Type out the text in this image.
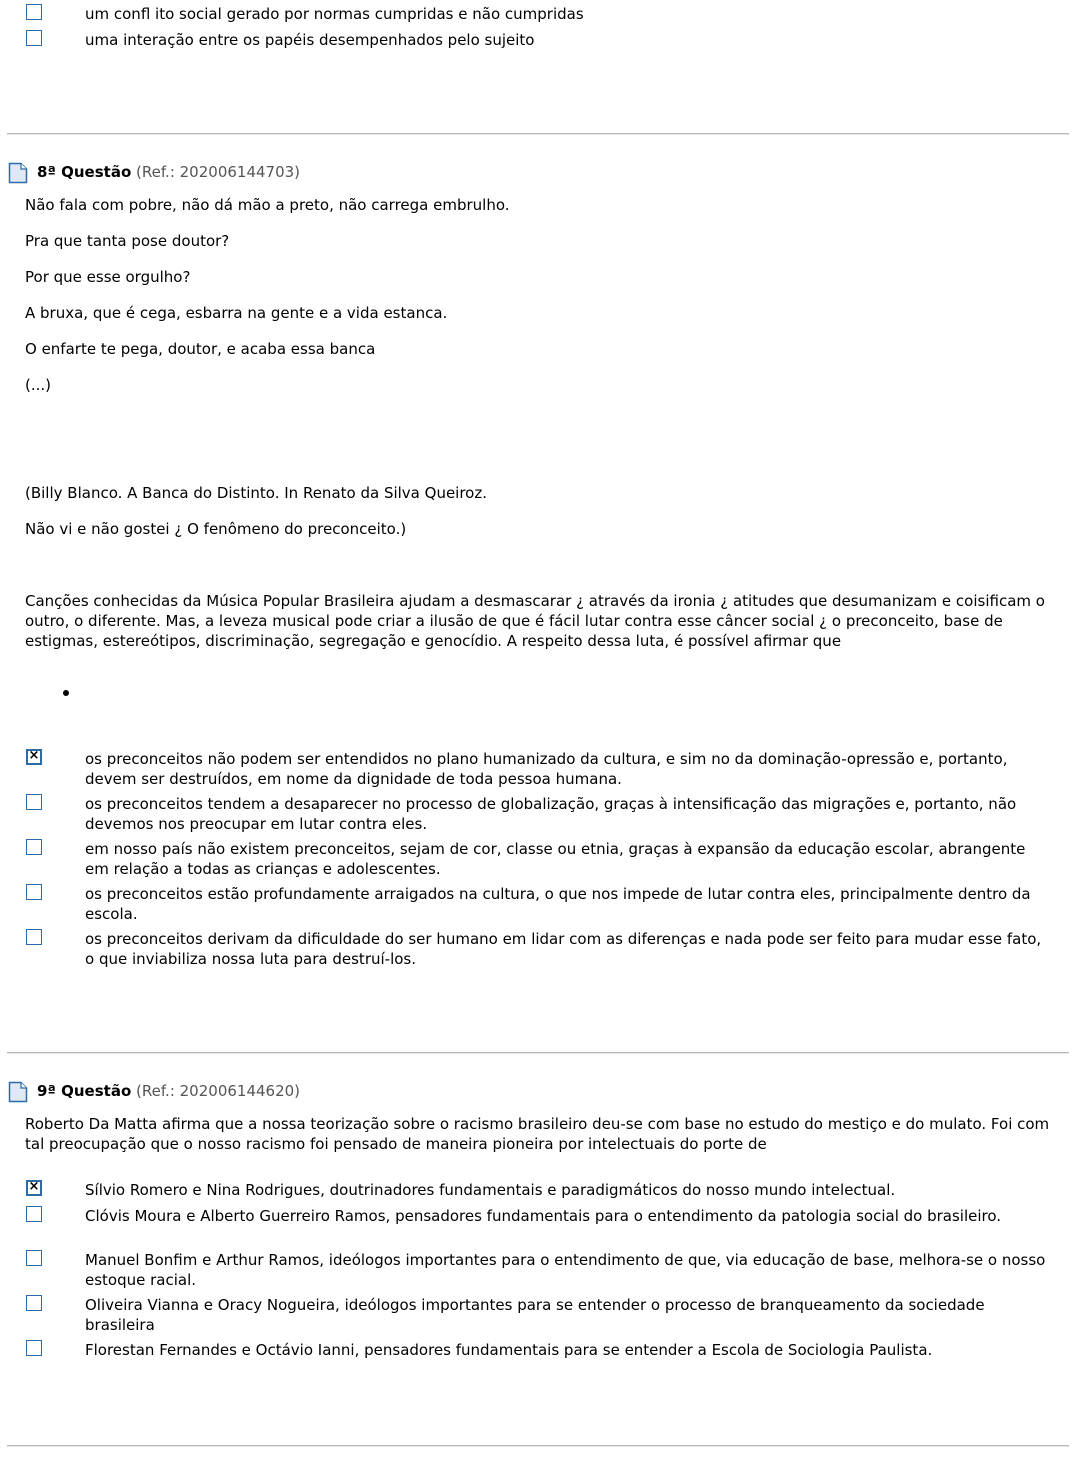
um confl ito social gerado por normas cumpridas e não cumpridas
uma interação entre os papéis desempenhados pelo sujeito
8ª Questão (Ref.: 202006144703)
Não fala com pobre, não dá mão a preto, não carrega embrulho.
Pra que tanta pose doutor?
Por que esse orgulho?
A bruxa, que é cega, esbarra na gente e a vida estanca.
O enfarte te pega, doutor, e acaba essa banca
(...)
(Billy Blanco. A Banca do Distinto. In Renato da Silva Queiroz.
Não vi e não gostei ¿ O fenômeno do preconceito.)
Canções conhecidas da Música Popular Brasileira ajudam a desmascarar ¿ através da ironia ¿ atitudes que desumanizam e coisificam o outro, o diferente. Mas, a leveza musical pode criar a ilusão de que é fácil lutar contra esse câncer social ¿ o preconceito, base de estigmas, estereótipos, discriminação, segregação e genocídio. A respeito dessa luta, é possível afirmar que
×	os preconceitos não podem ser entendidos no plano humanizado da cultura, e sim no da dominação-opressão e, portanto, devem ser destruídos, em nome da dignidade de toda pessoa humana.
os preconceitos tendem a desaparecer no processo de globalização, graças à intensificação das migrações e, portanto, não devemos nos preocupar em lutar contra eles.
em nosso país não existem preconceitos, sejam de cor, classe ou etnia, graças à expansão da educação escolar, abrangente em relação a todas as crianças e adolescentes.
os preconceitos estão profundamente arraigados na cultura, o que nos impede de lutar contra eles, principalmente dentro da escola.
os preconceitos derivam da dificuldade do ser humano em lidar com as diferenças e nada pode ser feito para mudar esse fato, o que inviabiliza nossa luta para destruí-los.
9ª Questão (Ref.: 202006144620)
Roberto Da Matta afirma que a nossa teorização sobre o racismo brasileiro deu-se com base no estudo do mestiço e do mulato. Foi com tal preocupação que o nosso racismo foi pensado de maneira pioneira por intelectuais do porte de
×	Sílvio Romero e Nina Rodrigues, doutrinadores fundamentais e paradigmáticos do nosso mundo intelectual.
Clóvis Moura e Alberto Guerreiro Ramos, pensadores fundamentais para o entendimento da patologia social do brasileiro.
Manuel Bonfim e Arthur Ramos, ideólogos importantes para o entendimento de que, via educação de base, melhora-se o nosso estoque racial.
Oliveira Vianna e Oracy Nogueira, ideólogos importantes para se entender o processo de branqueamento da sociedade brasileira
Florestan Fernandes e Octávio Ianni, pensadores fundamentais para se entender a Escola de Sociologia Paulista.
